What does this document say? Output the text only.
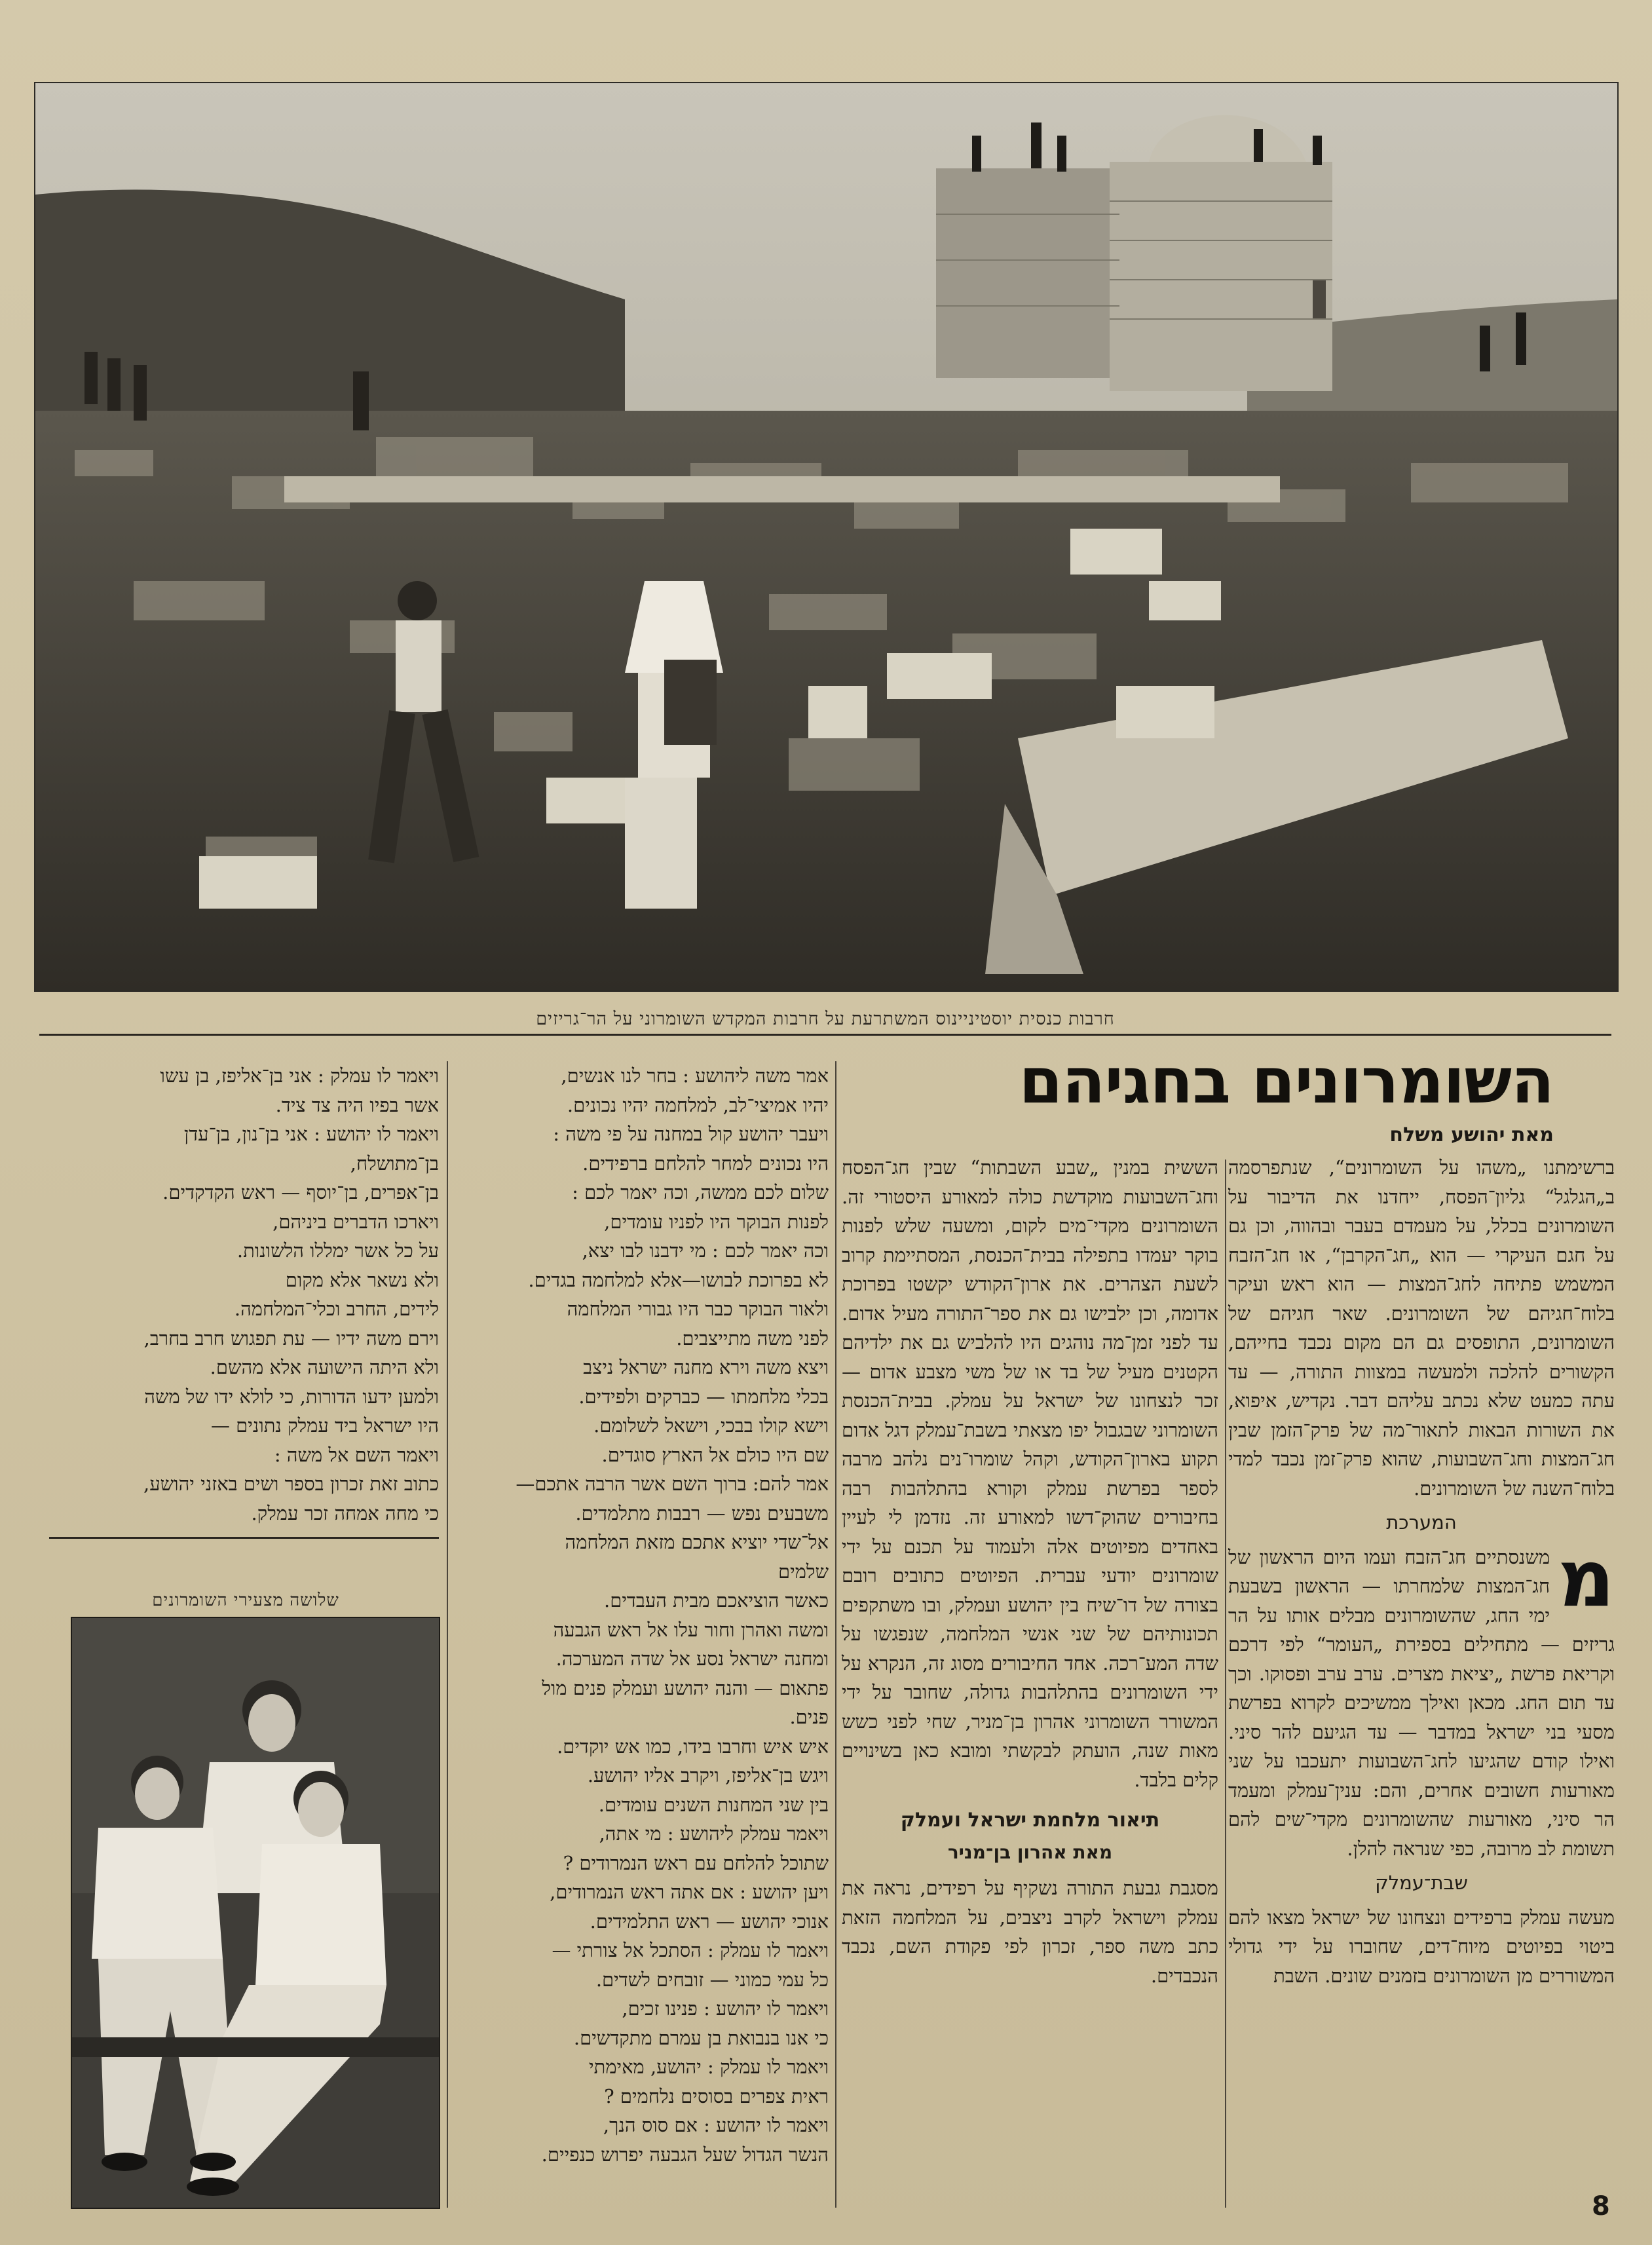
חרבות כנסית יוסטיניינוס המשתרעת על חרבות המקדש השומרוני על הר־גריזים
השומרונים בחגיהם
מאת יהושע משלח

ברשימתנו „משהו על השומרונים“, שנתפרסמה ב„הגלגל“ גליון־הפסח, ייחדנו את הדיבור על השומרונים בכלל, על מעמדם בעבר ובהווה, וכן גם על חגם העיקרי — הוא „חג־הקרבן“, או חג־הזבח המשמש פתיחה לחג־המצות — הוא ראש ועיקר בלוח־חגיהם של השומרונים. שאר חגיהם של השומרונים, התופסים גם הם מקום נכבד בחייהם, הקשורים להלכה ולמעשה במצוות התורה, — עד עתה כמעט שלא נכתב עליהם דבר. נקדיש, איפוא, את השורות הבאות לתאור־מה של פרק־הזמן שבין חג־המצות וחג־השבועות, שהוא פרק־זמן נכבד למדי בלוח־השנה של השומרונים.

המערכת

מ
משנסתיים חג־הזבח ועמו היום הראשון של חג־המצות שלמחרתו — הראשון בשבעת ימי החג, שהשומרונים מבלים אותו על הר גריזים — מתחילים בספירת „העומר“ לפי דרכם וקריאת פרשת „יציאת מצרים. ערב ערב ופסוקו. וכך עד תום החג. מכאן ואילך ממשיכים לקרוא בפרשת מסעי בני ישראל במדבר — עד הגיעם להר סיני. ואילו קודם שהגיעו לחג־השבועות יתעכבו על שני מאורעות חשובים אחרים, והם: ענין־עמלק ומעמד הר סיני, מאורעות שהשומרונים מקדי־שים להם תשומת לב מרובה, כפי שנראה להלן.

שבת־עמלק

מעשה עמלק ברפידים ונצחונו של ישראל מצאו להם ביטוי בפיוטים מיוח־דים, שחוברו על ידי גדולי המשוררים מן השומרונים בזמנים שונים. השבת

הששית במנין „שבע השבתות“ שבין חג־הפסח וחג־השבועות מוקדשת כולה למאורע היסטורי זה. השומרונים מקדי־מים לקום, ומשעה שלש לפנות בוקר יעמדו בתפילה בבית־הכנסת, המסתיימת קרוב לשעת הצהרים. את ארון־הקודש יקשטו בפרוכת אדומה, וכן ילבישו גם את ספר־התורה מעיל אדום. עד לפני זמן־מה נוהגים היו להלביש גם את ילדיהם הקטנים מעיל של בד או של משי מצבע אדום — זכר לנצחונו של ישראל על עמלק. בבית־הכנסת השומרוני שבגבול יפו מצאתי בשבת־עמלק דגל אדום תקוע בארון־הקודש, וקהל שומרו־נים נלהב מרבה לספר בפרשת עמלק וקורא בהתלהבות רבה בחיבורים שהוק־דשו למאורע זה. נזדמן לי לעיין באחדים מפיוטים אלה ולעמוד על תכנם על ידי שומרונים יודעי עברית. הפיוטים כתובים רובם בצורה של דו־שיח בין יהושע ועמלק, ובו משתקפים תכונותיהם של שני אנשי המלחמה, שנפגשו על שדה המע־רכה. אחד החיבורים מסוג זה, הנקרא על ידי השומרונים בהתלהבות גדולה, שחובר על ידי המשורר השומרוני אהרון בן־מניר, שחי לפני כשש מאות שנה, הועתק לבקשתי ומובא כאן בשינויים קלים בלבד.

תיאור מלחמת ישראל ועמלק

מאת אהרון בן־מניר

מסגבת גבעת התורה נשקיף על רפידים, נראה את עמלק וישראל לקרב ניצבים, על המלחמה הזאת כתב משה ספר, זכרון לפי פקודת השם, נכבד הנכבדים.

אמר משה ליהושע : בחר לנו אנשים,

יהיו אמיצי־לב, למלחמה יהיו נכונים.

ויעבר יהושע קול במחנה על פי משה :

היו נכונים למחר להלחם ברפידים.

שלום לכם ממשה, וכה יאמר לכם :

לפנות הבוקר היו לפניו עומדים,

וכה יאמר לכם : מי ידבנו לבו יצא,

לא בפרוכת לבושו—אלא למלחמה בגדים.

ולאור הבוקר כבר היו גבורי המלחמה

לפני משה מתייצבים.

ויצא משה וירא מחנה ישראל ניצב

בכלי מלחמתו — כברקים ולפידים.

וישא קולו בבכי, וישאל לשלומם.

שם היו כולם אל הארץ סוגדים.

אמר להם: ברוך השם אשר הרבה אתכם—

משבעים נפש — רבבות מתלמדים.

אל־שדי יוציא אתכם מזאת המלחמה

שלמים

כאשר הוציאכם מבית העבדים.

ומשה ואהרן וחור עלו אל ראש הגבעה

ומחנה ישראל נסע אל שדה המערכה.

פתאום — והנה יהושע ועמלק פנים מול

פנים.

איש איש וחרבו בידו, כמו אש יוקדים.

ויגש בן־אליפז, ויקרב אליו יהושע.

בין שני המחנות השנים עומדים.

ויאמר עמלק ליהושע : מי אתה,

שתוכל להלחם עם ראש הנמרודים ?

ויען יהושע : אם אתה ראש הנמרודים,

אנוכי יהושע — ראש התלמידים.

ויאמר לו עמלק : הסתכל אל צורתי —

כל עמי כמוני — זובחים לשדים.

ויאמר לו יהושע : פנינו זכים,

כי אנו בנבואת בן עמרם מתקדשים.

ויאמר לו עמלק : יהושע, מאימתי

ראית צפרים בסוסים נלחמים ?

ויאמר לו יהושע : אם סוס הנך,

הנשר הגדול שעל הגבעה יפרוש כנפיים.

ויאמר לו עמלק : אני בן־אליפז, בן עשו

אשר בפיו היה צד ציד.

ויאמר לו יהושע : אני בן־נון, בן־עדן

בן־מתושלח,

בן־אפרים, בן־יוסף — ראש הקדקדים.

ויארכו הדברים ביניהם,

על כל אשר ימללו הלשונות.

ולא נשאר אלא מקום

לידים, החרב וכלי־המלחמה.

וירם משה ידיו — עת תפגוש חרב בחרב,

ולא היתה הישועה אלא מהשם.

ולמען ידעו הדורות, כי לולא ידו של משה

היו ישראל ביד עמלק נתונים —

ויאמר השם אל משה :

כתוב זאת זכרון בספר ושים באזני יהושע,

כי מחה אמחה זכר עמלק.

שלושה מצעירי השומרונים
8
